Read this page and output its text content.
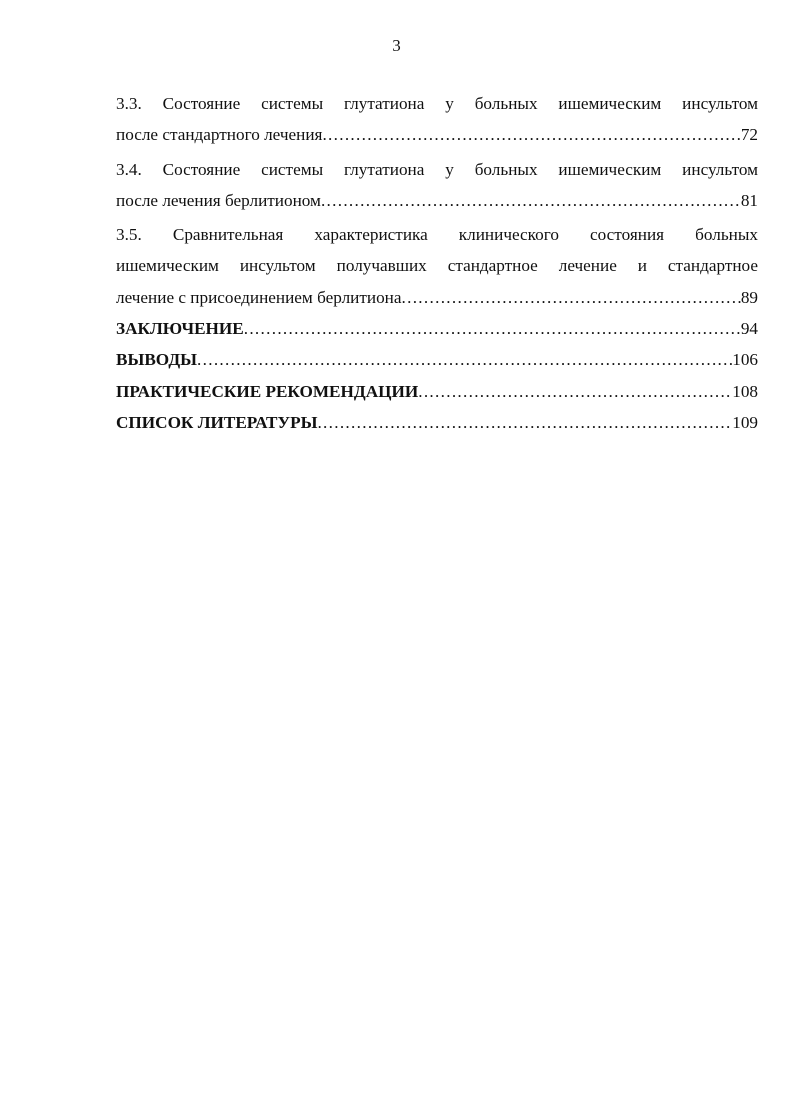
3
3.3. Состояние системы глутатиона у больных ишемическим инсультом
после стандартного лечения .....	72
3.4. Состояние системы глутатиона у больных ишемическим инсультом
после лечения берлитионом .....	81
3.5. Сравнительная характеристика клинического состояния больных
ишемическим инсультом получавших стандартное лечение и стандартное
лечение с присоединением берлитиона .....	89
ЗАКЛЮЧЕНИЕ .....	94
ВЫВОДЫ .....	106
ПРАКТИЧЕСКИЕ РЕКОМЕНДАЦИИ .....	108
СПИСОК ЛИТЕРАТУРЫ .....	109
